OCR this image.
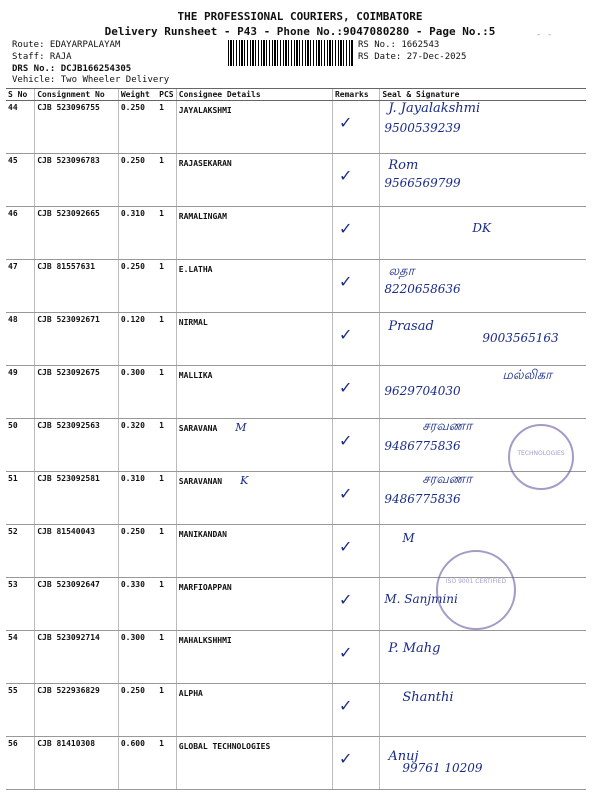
THE PROFESSIONAL COURIERS, COIMBATORE
Delivery Runsheet - P43 - Phone No.:9047080280 - Page No.:5	- -
Route: EDAYARPALAYAM
Staff: RAJA
DRS No.: DCJB166254305
Vehicle: Two Wheeler Delivery
RS No.: 1662543
RS Date: 27-Dec-2025
S No	Consignment No	Weight	PCS	Consignee Details	Remarks	Seal & Signature
44	CJB 523096755	0.250	1	JAYALAKSHMI	✓	J. Jayalakshmi
9500539239

45	CJB 523096783	0.250	1	RAJASEKARAN	✓	Rom
9566569799

46	CJB 523092665	0.310	1	RAMALINGAM	✓	DK

47	CJB 81557631	0.250	1	E.LATHA	✓	லதா
8220658636

48	CJB 523092671	0.120	1	NIRMAL	✓	Prasad
9003565163

49	CJB 523092675	0.300	1	MALLIKA	✓	மல்லிகா
9629704030

50	CJB 523092563	0.320	1	SARAVANA M	✓	சரவணா
9486775836

51	CJB 523092581	0.310	1	SARAVANAN K	✓	சரவணா
9486775836

52	CJB 81540043	0.250	1	MANIKANDAN	✓	M

53	CJB 523092647	0.330	1	MARFIOAPPAN	✓	M. Sanjmini

54	CJB 523092714	0.300	1	MAHALKSHHMI	✓	P. Mahg

55	CJB 522936829	0.250	1	ALPHA	✓	Shanthi

56	CJB 81410308	0.600	1	GLOBAL TECHNOLOGIES	✓	Anuj
99761 10209
TECHNOLOGIES
ISO 9001 CERTIFIED
